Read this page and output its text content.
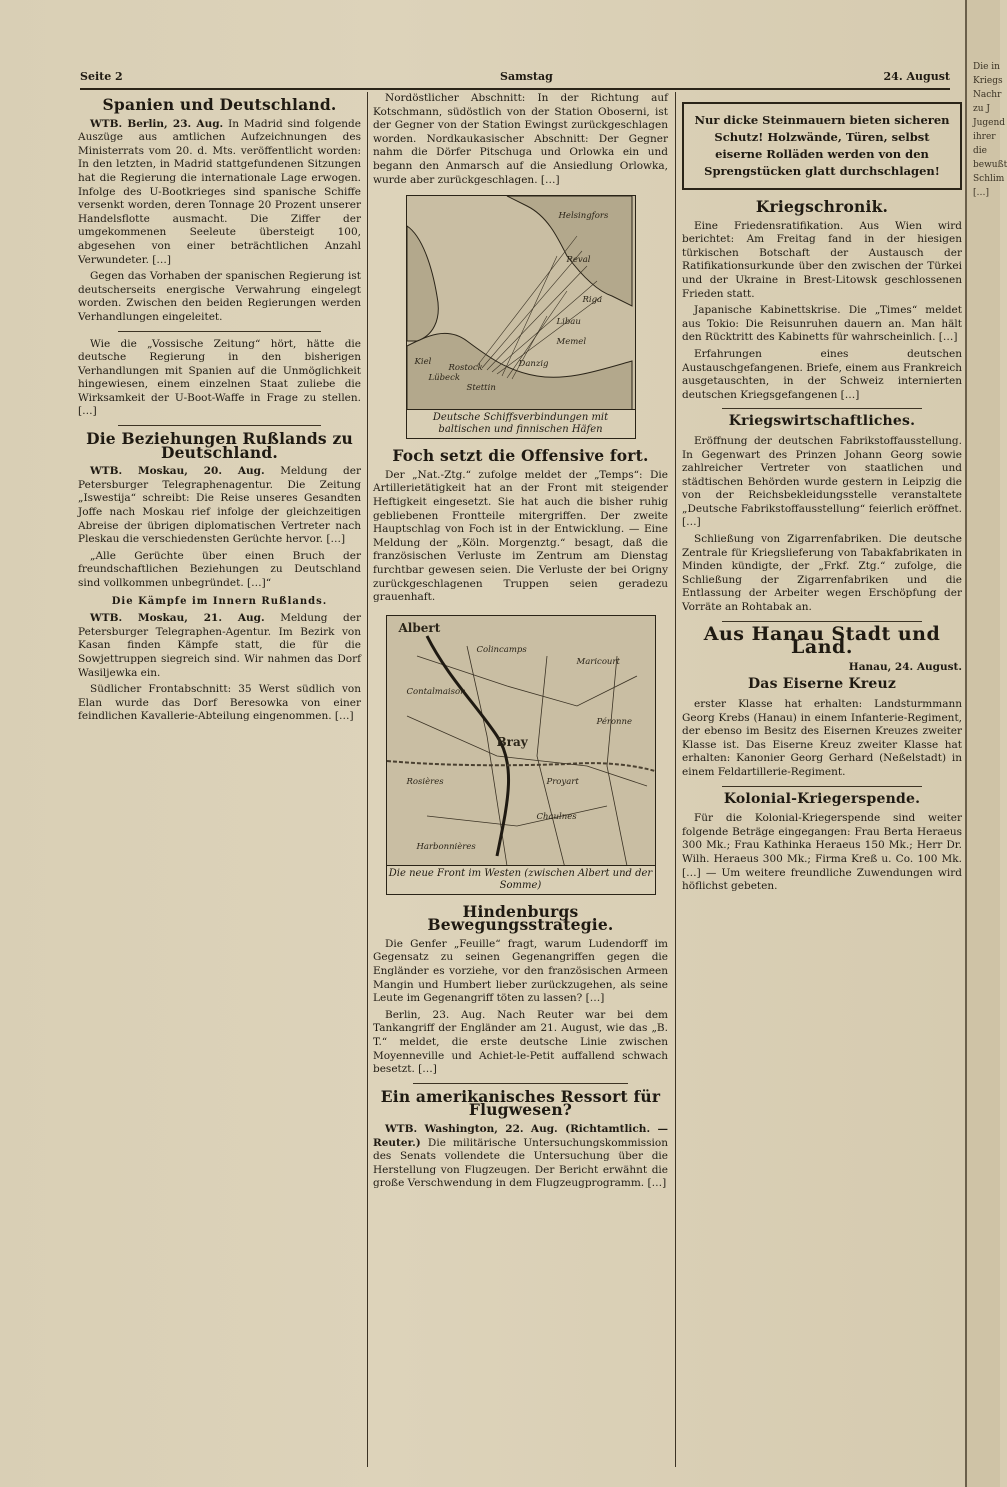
Seite 2	Samstag	24. August
Spanien und Deutschland.

WTB. Berlin, 23. Aug. In Madrid sind folgende Auszüge aus amtlichen Aufzeichnungen des Ministerrats vom 20. d. Mts. veröffentlicht worden: In den letzten, in Madrid stattgefundenen Sitzungen hat die Regierung die internationale Lage erwogen. Infolge des U-Bootkrieges sind spanische Schiffe versenkt worden, deren Tonnage 20 Prozent unserer Handelsflotte ausmacht. Die Ziffer der umgekommenen Seeleute übersteigt 100, abgesehen von einer beträchtlichen Anzahl Verwundeter. […]

Gegen das Vorhaben der spanischen Regierung ist deutscherseits energische Verwahrung eingelegt worden. Zwischen den beiden Regierungen werden Verhandlungen eingeleitet.

Wie die „Vossische Zeitung“ hört, hätte die deutsche Regierung in den bisherigen Verhandlungen mit Spanien auf die Unmöglichkeit hingewiesen, einem einzelnen Staat zuliebe die Wirksamkeit der U-Boot-Waffe in Frage zu stellen. […]

Die Beziehungen Rußlands zu Deutschland.

WTB. Moskau, 20. Aug. Meldung der Petersburger Telegraphenagentur. Die Zeitung „Iswestija“ schreibt: Die Reise unseres Gesandten Joffe nach Moskau rief infolge der gleichzeitigen Abreise der übrigen diplomatischen Vertreter nach Pleskau die verschiedensten Gerüchte hervor. […]

„Alle Gerüchte über einen Bruch der freundschaftlichen Beziehungen zu Deutschland sind vollkommen unbegründet. […]“

Die Kämpfe im Innern Rußlands.

WTB. Moskau, 21. Aug. Meldung der Petersburger Telegraphen-Agentur. Im Bezirk von Kasan finden Kämpfe statt, die für die Sowjettruppen siegreich sind. Wir nahmen das Dorf Wasiljewka ein.

Südlicher Frontabschnitt: 35 Werst südlich von Elan wurde das Dorf Beresowka von einer feindlichen Kavallerie-Abteilung eingenommen. […]

Nordöstlicher Abschnitt: In der Richtung auf Kotschmann, südöstlich von der Station Oboserni, ist der Gegner von der Station Ewingst zurückgeschlagen worden. Nordkaukasischer Abschnitt: Der Gegner nahm die Dörfer Pitschuga und Orlowka ein und begann den Anmarsch auf die Ansiedlung Orlowka, wurde aber zurückgeschlagen. […]

Helsingfors
Reval
Riga
Libau
Memel
Danzig
Stettin
Kiel
Lübeck
Rostock
Deutsche Schiffsverbindungen mit baltischen und finnischen Häfen
Foch setzt die Offensive fort.

Der „Nat.-Ztg.“ zufolge meldet der „Temps“: Die Artillerietätigkeit hat an der Front mit steigender Heftigkeit eingesetzt. Sie hat auch die bisher ruhig gebliebenen Frontteile mitergriffen. Der zweite Hauptschlag von Foch ist in der Entwicklung. — Eine Meldung der „Köln. Morgenztg.“ besagt, daß die französischen Verluste im Zentrum am Dienstag furchtbar gewesen seien. Die Verluste der bei Origny zurückgeschlagenen Truppen seien geradezu grauenhaft.

Albert
Bray
Colincamps
Contalmaison
Péronne
Chaulnes
Rosières
Harbonnières
Proyart
Maricourt
Die neue Front im Westen (zwischen Albert und der Somme)
Hindenburgs Bewegungsstrategie.

Die Genfer „Feuille“ fragt, warum Ludendorff im Gegensatz zu seinen Gegenangriffen gegen die Engländer es vorziehe, vor den französischen Armeen Mangin und Humbert lieber zurückzugehen, als seine Leute im Gegenangriff töten zu lassen? […]

Berlin, 23. Aug. Nach Reuter war bei dem Tankangriff der Engländer am 21. August, wie das „B. T.“ meldet, die erste deutsche Linie zwischen Moyenneville und Achiet-le-Petit auffallend schwach besetzt. […]

Ein amerikanisches Ressort für Flugwesen?

WTB. Washington, 22. Aug. (Richtamtlich. — Reuter.) Die militärische Untersuchungskommission des Senats vollendete die Untersuchung über die Herstellung von Flugzeugen. Der Bericht erwähnt die große Verschwendung in dem Flugzeugprogramm. […]

Nur dicke Steinmauern bieten sicheren Schutz! Holzwände, Türen, selbst eiserne Rolläden werden von den Sprengstücken glatt durchschlagen!
Kriegschronik.

Eine Friedensratifikation. Aus Wien wird berichtet: Am Freitag fand in der hiesigen türkischen Botschaft der Austausch der Ratifikationsurkunde über den zwischen der Türkei und der Ukraine in Brest-Litowsk geschlossenen Frieden statt.

Japanische Kabinettskrise. Die „Times“ meldet aus Tokio: Die Reisunruhen dauern an. Man hält den Rücktritt des Kabinetts für wahrscheinlich. […]

Erfahrungen eines deutschen Austauschgefangenen. Briefe, einem aus Frankreich ausgetauschten, in der Schweiz internierten deutschen Kriegsgefangenen […]

Kriegswirtschaftliches.

Eröffnung der deutschen Fabrikstoffausstellung. In Gegenwart des Prinzen Johann Georg sowie zahlreicher Vertreter von staatlichen und städtischen Behörden wurde gestern in Leipzig die von der Reichsbekleidungsstelle veranstaltete „Deutsche Fabrikstoffausstellung“ feierlich eröffnet. […]

Schließung von Zigarrenfabriken. Die deutsche Zentrale für Kriegslieferung von Tabakfabrikaten in Minden kündigte, der „Frkf. Ztg.“ zufolge, die Schließung der Zigarrenfabriken und die Entlassung der Arbeiter wegen Erschöpfung der Vorräte an Rohtabak an.

Aus Hanau Stadt und Land.
Hanau, 24. August.
Das Eiserne Kreuz

erster Klasse hat erhalten: Landsturmmann Georg Krebs (Hanau) in einem Infanterie-Regiment, der ebenso im Besitz des Eisernen Kreuzes zweiter Klasse ist. Das Eiserne Kreuz zweiter Klasse hat erhalten: Kanonier Georg Gerhard (Neßelstadt) in einem Feldartillerie-Regiment.

Kolonial-Kriegerspende.

Für die Kolonial-Kriegerspende sind weiter folgende Beträge eingegangen: Frau Berta Heraeus 300 Mk.; Frau Kathinka Heraeus 150 Mk.; Herr Dr. Wilh. Heraeus 300 Mk.; Firma Kreß u. Co. 100 Mk. […] — Um weitere freundliche Zuwendungen wird höflichst gebeten.

Die in Kriegs Nachr zu J Jugend ihrer die bewußt Schlim […]
